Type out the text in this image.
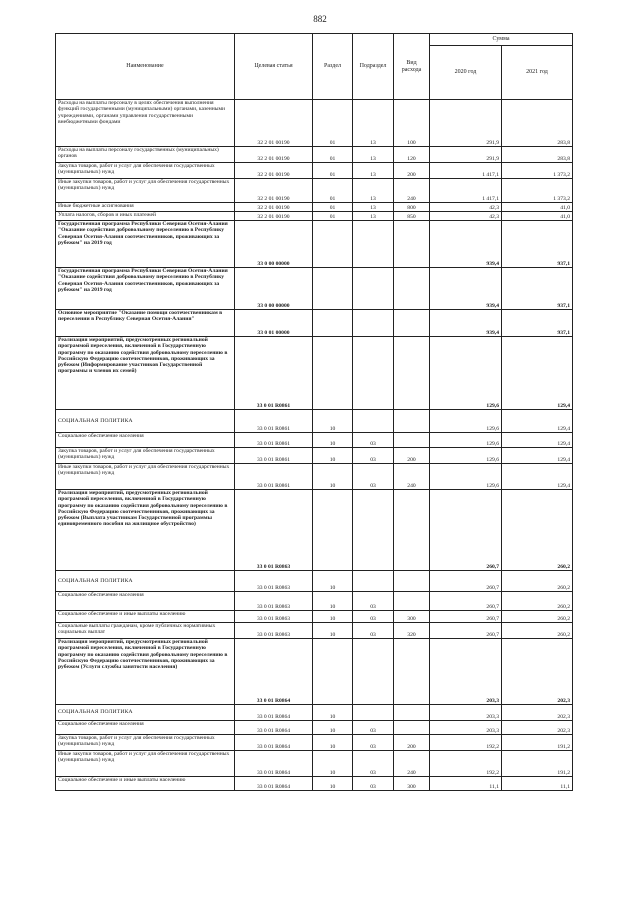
882
Наименование	Целевая статья	Раздел	Подраздел	Вид расхода	Сумма	
					2020 год	2021 год
Расходы на выплаты персоналу в целях обеспечения выполнения функций государственными (муниципальными) органами, казенными учреждениями, органами управления государственными внебюджетными фондами	32 2 01 00190	01	13	100	291,9	283,8
Расходы на выплаты персоналу государственных (муниципальных) органов	32 2 01 00190	01	13	120	291,9	283,8
Закупка товаров, работ и услуг для обеспечения государственных (муниципальных) нужд	32 2 01 00190	01	13	200	1 417,1	1 373,2
Иные закупки товаров, работ и услуг для обеспечения государственных (муниципальных) нужд	32 2 01 00190	01	13	240	1 417,1	1 373,2
Иные бюджетные ассигнования	32 2 01 00190	01	13	800	42,3	41,0
Уплата налогов, сборов и иных платежей	32 2 01 00190	01	13	850	42,3	41,0
Государственная программа Республики Северная Осетия-Алания "Оказание содействия добровольному переселению в Республику Северная Осетия-Алания соотечественников, проживающих за рубежом" на 2019 год	33 0 00 00000				939,4	937,1
Государственная программа Республики Северная Осетия-Алания "Оказание содействия добровольному переселению в Республику Северная Осетия-Алания соотечественников, проживающих за рубежом" на 2019 год	33 0 00 00000				939,4	937,1
Основное мероприятие "Оказание помощи соотечественникам в переселении в Республику Северная Осетия-Алания"	33 0 01 00000				939,4	937,1
Реализация мероприятий, предусмотренных региональной программой переселения, включенной в Государственную программу по оказанию содействия добровольному переселению в Российскую Федерацию соотечественников, проживающих за рубежом (Информирование участников Государственной программы и членов их семей)	33 0 01 R0861				129,6	129,4
СОЦИАЛЬНАЯ ПОЛИТИКА	33 0 01 R0861	10			129,6	129,4
Социальное обеспечение населения	33 0 01 R0861	10	03		129,6	129,4
Закупка товаров, работ и услуг для обеспечения государственных (муниципальных) нужд	33 0 01 R0861	10	03	200	129,6	129,4
Иные закупки товаров, работ и услуг для обеспечения государственных (муниципальных) нужд	33 0 01 R0861	10	03	240	129,6	129,4
Реализация мероприятий, предусмотренных региональной программой переселения, включенной в Государственную программу по оказанию содействия добровольному переселению в Российскую Федерацию соотечественников, проживающих за рубежом (Выплата участникам Государственной программы единовременного пособия на жилищное обустройство)	33 0 01 R0863				260,7	260,2
СОЦИАЛЬНАЯ ПОЛИТИКА	33 0 01 R0863	10			260,7	260,2
Социальное обеспечение населения	33 0 01 R0863	10	03		260,7	260,2
Социальное обеспечение и иные выплаты населению	33 0 01 R0863	10	03	300	260,7	260,2
Социальные выплаты гражданам, кроме публичных нормативных социальных выплат	33 0 01 R0863	10	03	320	260,7	260,2
Реализация мероприятий, предусмотренных региональной программой переселения, включенной в Государственную программу по оказанию содействия добровольному переселению в Российскую Федерацию соотечественников, проживающих за рубежом (Услуги службы занятости населения)	33 0 01 R0864				203,3	202,3
СОЦИАЛЬНАЯ ПОЛИТИКА	33 0 01 R0864	10			203,3	202,3
Социальное обеспечение населения	33 0 01 R0864	10	03		203,3	202,3
Закупка товаров, работ и услуг для обеспечения государственных (муниципальных) нужд	33 0 01 R0864	10	03	200	192,2	191,2
Иные закупки товаров, работ и услуг для обеспечения государственных (муниципальных) нужд	33 0 01 R0864	10	03	240	192,2	191,2
Социальное обеспечение и иные выплаты населению	33 0 01 R0864	10	03	300	11,1	11,1
